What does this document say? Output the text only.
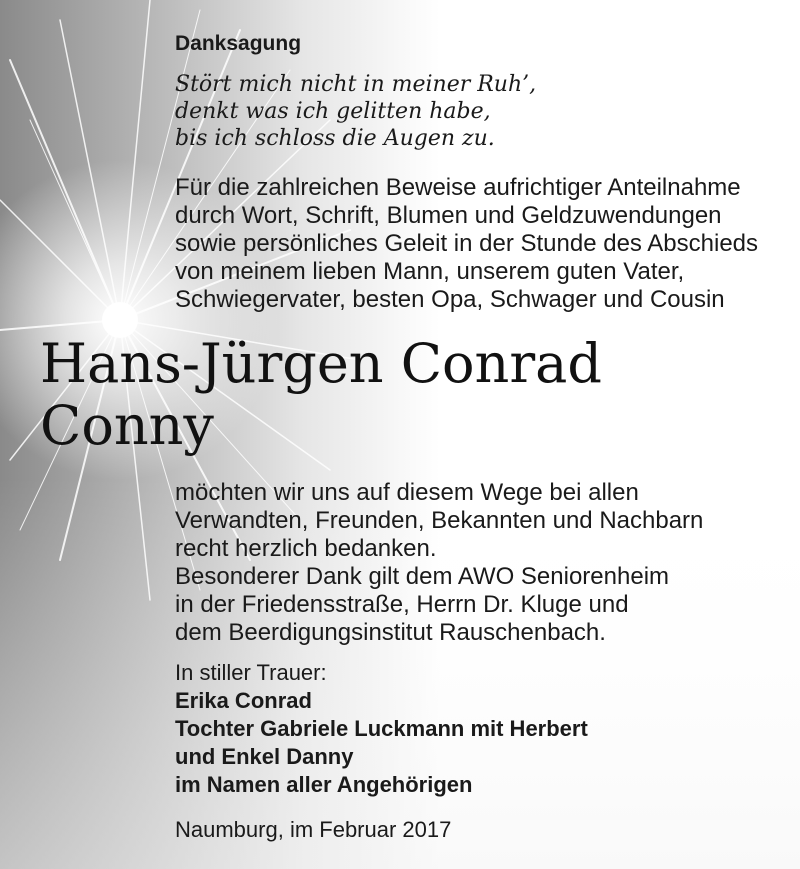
Danksagung
Stört mich nicht in meiner Ruh’,
denkt was ich gelitten habe,
bis ich schloss die Augen zu.
Für die zahlreichen Beweise aufrichtiger Anteilnahme
durch Wort, Schrift, Blumen und Geldzuwendungen
sowie persönliches Geleit in der Stunde des Abschieds
von meinem lieben Mann, unserem guten Vater,
Schwiegervater, besten Opa, Schwager und Cousin
Hans-Jürgen Conrad
Conny
möchten wir uns auf diesem Wege bei allen
Verwandten, Freunden, Bekannten und Nachbarn
recht herzlich bedanken.
Besonderer Dank gilt dem AWO Seniorenheim
in der Friedensstraße, Herrn Dr. Kluge und
dem Beerdigungsinstitut Rauschenbach.
In stiller Trauer:
Erika Conrad
Tochter Gabriele Luckmann mit Herbert
und Enkel Danny
im Namen aller Angehörigen
Naumburg, im Februar 2017
